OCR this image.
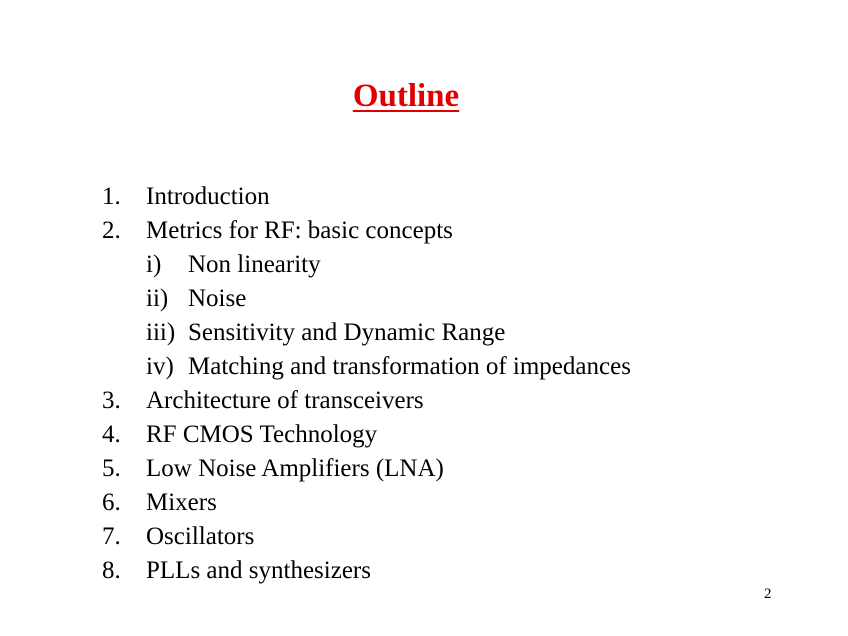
Outline
1.	Introduction
2.	Metrics for RF: basic concepts
i)	Non linearity
ii) Noise
iii) Sensitivity and Dynamic Range
iv) Matching and transformation of impedances
3.	Architecture of transceivers
4.	RF CMOS Technology
5.	Low Noise Amplifiers (LNA)
6.	Mixers
7.	Oscillators
8.	PLLs and synthesizers

2
